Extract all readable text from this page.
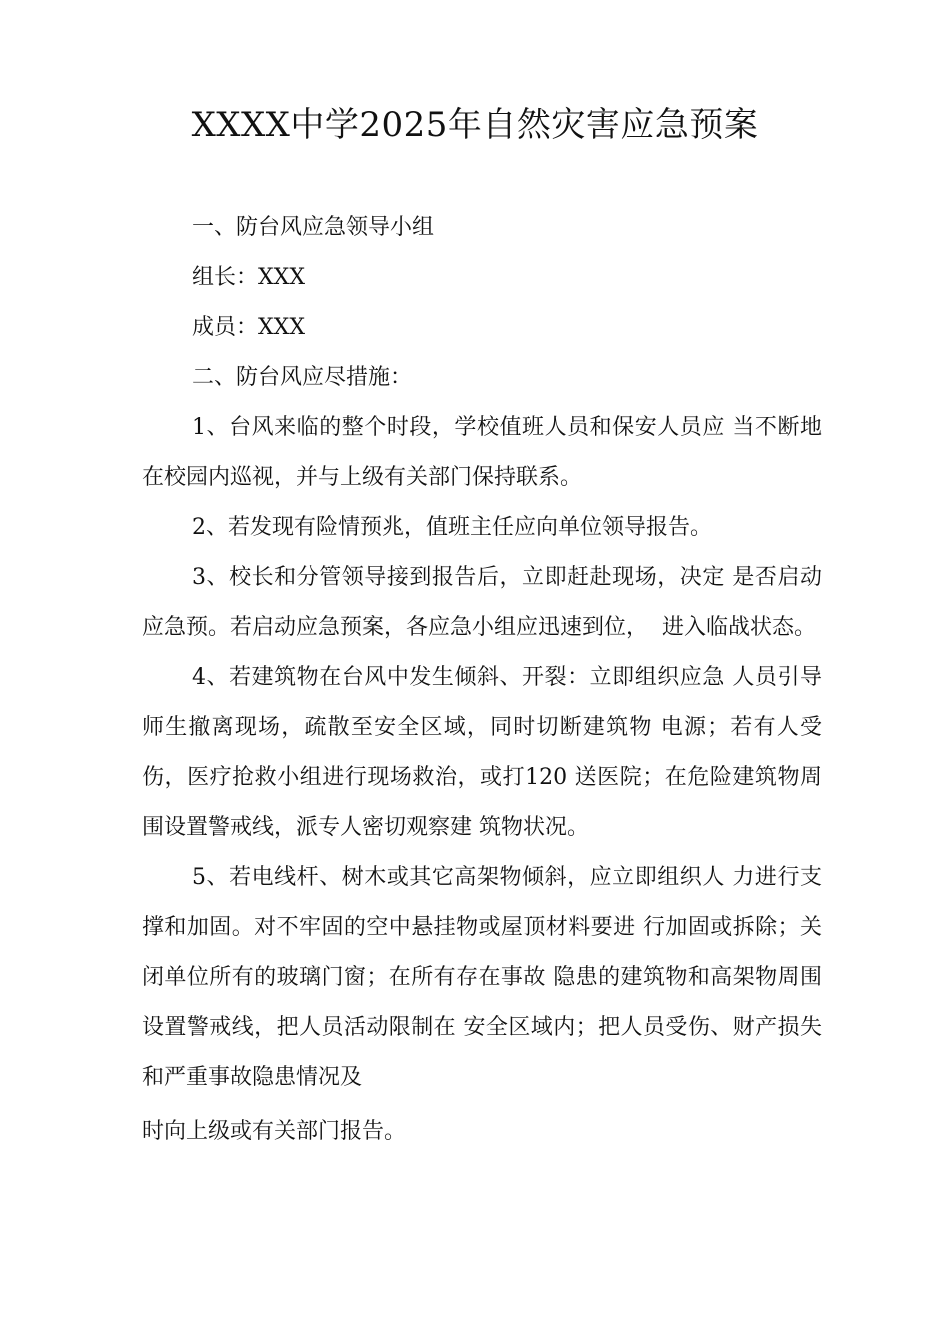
XXXX中学2025年自然灾害应急预案

一、防台风应急领导小组

组长：XXX

成员：XXX

二、防台风应尽措施：

1、台风来临的整个时段，学校值班人员和保安人员应 当不断地在校园内巡视，并与上级有关部门保持联系。

2、若发现有险情预兆，值班主任应向单位领导报告。

3、校长和分管领导接到报告后，立即赶赴现场，决定 是否启动应急预。若启动应急预案，各应急小组应迅速到位，  进入临战状态。

4、若建筑物在台风中发生倾斜、开裂：立即组织应急 人员引导师生撤离现场，疏散至安全区域，同时切断建筑物 电源；若有人受伤，医疗抢救小组进行现场救治，或打120 送医院；在危险建筑物周围设置警戒线，派专人密切观察建 筑物状况。

5、若电线杆、树木或其它高架物倾斜，应立即组织人 力进行支撑和加固。对不牢固的空中悬挂物或屋顶材料要进 行加固或拆除；关闭单位所有的玻璃门窗；在所有存在事故 隐患的建筑物和高架物周围设置警戒线，把人员活动限制在 安全区域内；把人员受伤、财产损失和严重事故隐患情况及

时向上级或有关部门报告。
